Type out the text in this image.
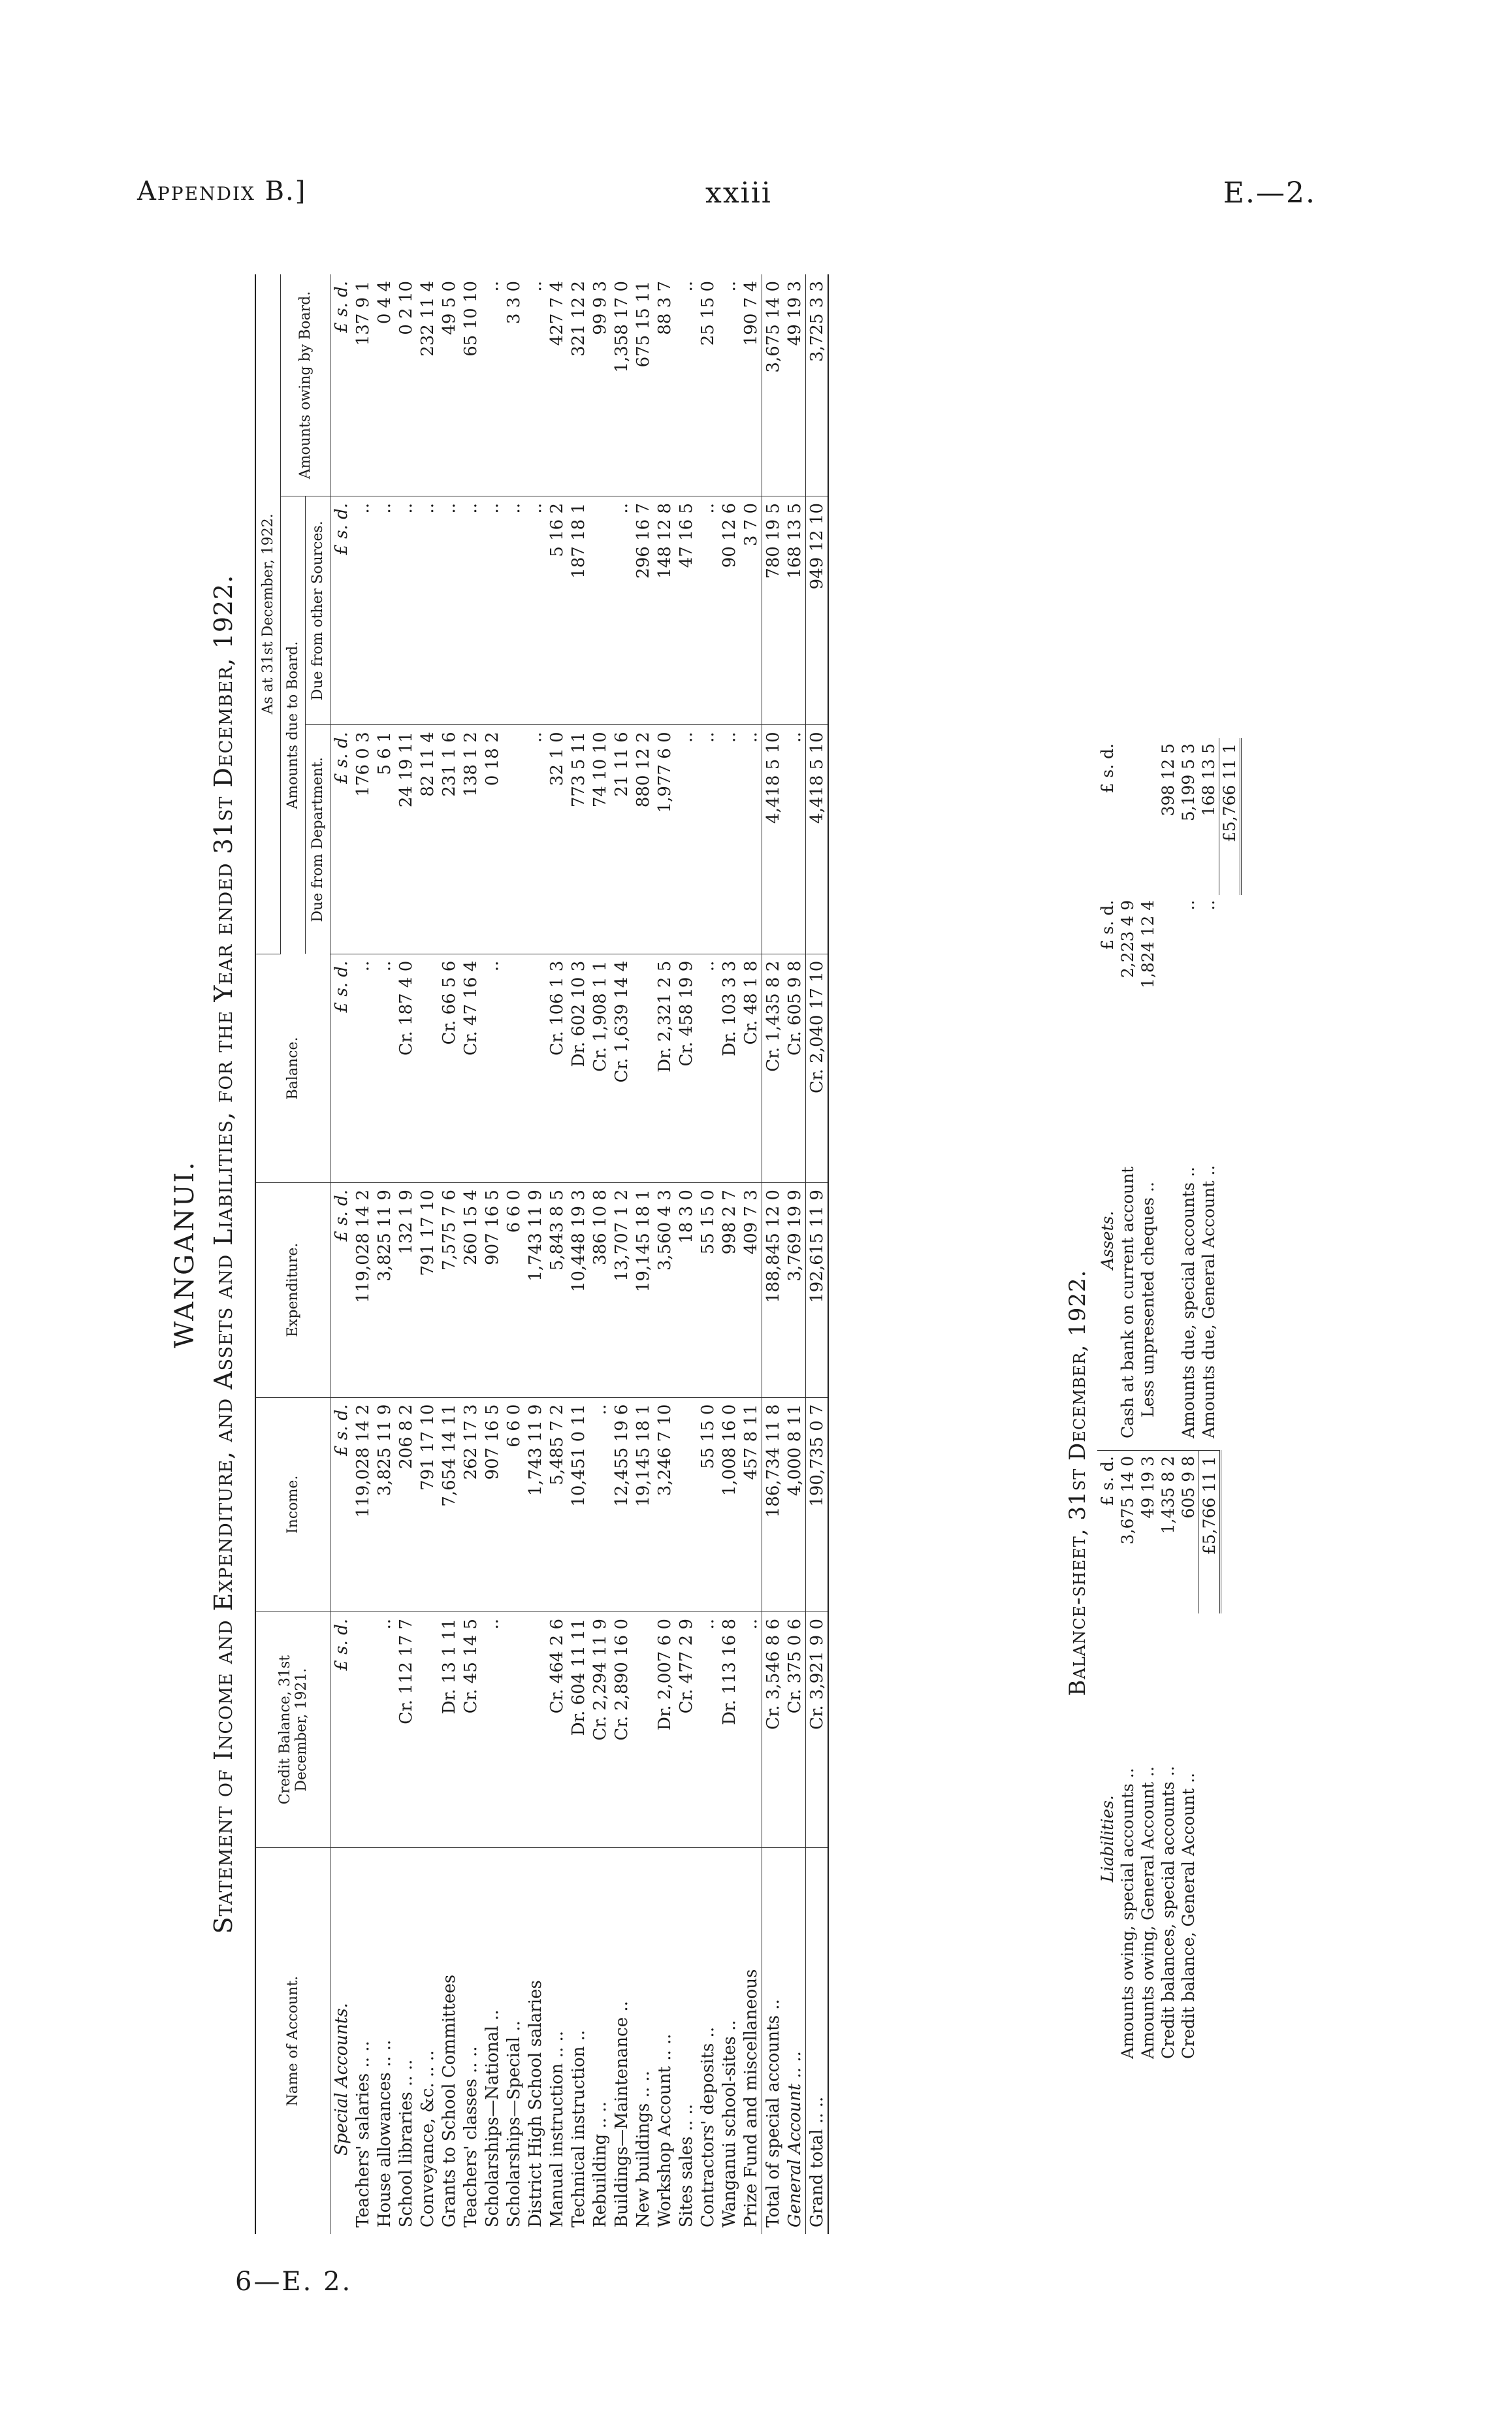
Appendix B.]	xxiii	E.—2.
WANGANUI. Statement of Income and Expenditure, and Assets and Liabilities, for the Year ended 31st December, 1922.
Name of Account.	Credit Balance, 31st December, 1921.	Income.	Expenditure.	Balance.	As at 31st December, 1922.		
					Amounts due to Board.		Amounts owing by Board.
					Due from Department.	Due from other Sources.	
Special Accounts.	£ s. d.	£ s. d.	£ s. d.	£ s. d.	£ s. d.	£ s. d.	£ s. d.
Teachers' salaries .. ..		119,028 14 2	119,028 14 2	..	176 0 3	..	137 9 1
House allowances .. ..	..	3,825 11 9	3,825 11 9	..	5 6 1	..	0 4 4
School libraries .. ..	Cr. 112 17 7	206 8 2	132 1 9	Cr. 187 4 0	24 19 11	..	0 2 10
Conveyance, &c. .. ..		791 17 10	791 17 10		82 11 4	..	232 11 4
Grants to School Committees	Dr. 13 1 11	7,654 14 11	7,575 7 6	Cr. 66 5 6	231 1 6	..	49 5 0
Teachers' classes .. ..	Cr. 45 14 5	262 17 3	260 15 4	Cr. 47 16 4	138 1 2	..	65 10 10
Scholarships—National ..	..	907 16 5	907 16 5	..	0 18 2	..	..
Scholarships—Special ..		6 6 0	6 6 0			..	3 3 0
District High School salaries		1,743 11 9	1,743 11 9		..	..	..
Manual instruction .. ..	Cr. 464 2 6	5,485 7 2	5,843 8 5	Cr. 106 1 3	32 1 0	5 16 2	427 7 4
Technical instruction ..	Dr. 604 11 11	10,451 0 11	10,448 19 3	Dr. 602 10 3	773 5 11	187 18 1	321 12 2
Rebuilding .. ..	Cr. 2,294 11 9	..	386 10 8	Cr. 1,908 1 1	74 10 10		99 9 3
Buildings—Maintenance ..	Cr. 2,890 16 0	12,455 19 6	13,707 1 2	Cr. 1,639 14 4	21 11 6	..	1,358 17 0
New buildings .. ..		19,145 18 1	19,145 18 1		880 12 2	296 16 7	675 15 11
Workshop Account .. ..	Dr. 2,007 6 0	3,246 7 10	3,560 4 3	Dr. 2,321 2 5	1,977 6 0	148 12 8	88 3 7
Sites sales .. ..	Cr. 477 2 9		18 3 0	Cr. 458 19 9	..	47 16 5	..
Contractors' deposits ..	..	55 15 0	55 15 0	..	..	..	25 15 0
Wanganui school-sites ..	Dr. 113 16 8	1,008 16 0	998 2 7	Dr. 103 3 3	..	90 12 6	..
Prize Fund and miscellaneous	..	457 8 11	409 7 3	Cr. 48 1 8	..	3 7 0	190 7 4
Total of special accounts ..	Cr. 3,546 8 6	186,734 11 8	188,845 12 0	Cr. 1,435 8 2	4,418 5 10	780 19 5	3,675 14 0
General Account .. ..	Cr. 375 0 6	4,000 8 11	3,769 19 9	Cr. 605 9 8	..	168 13 5	49 19 3
Grand total .. ..	Cr. 3,921 9 0	190,735 0 7	192,615 11 9	Cr. 2,040 17 10	4,418 5 10	949 12 10	3,725 3 3
Balance-sheet, 31st December, 1922.
Liabilities.	£ s. d.
Amounts owing, special accounts ..	3,675 14 0
Amounts owing, General Account ..	49 19 3
Credit balances, special accounts ..	1,435 8 2
Credit balance, General Account ..	605 9 8
	£5,766 11 1
Assets.	£ s. d.	£ s. d.
Cash at bank on current account	2,223 4 9	
Less unpresented cheques ..	1,824 12 4	
		398 12 5
Amounts due, special accounts ..	..	5,199 5 3
Amounts due, General Account ..	..	168 13 5
		£5,766 11 1
6—E. 2.
